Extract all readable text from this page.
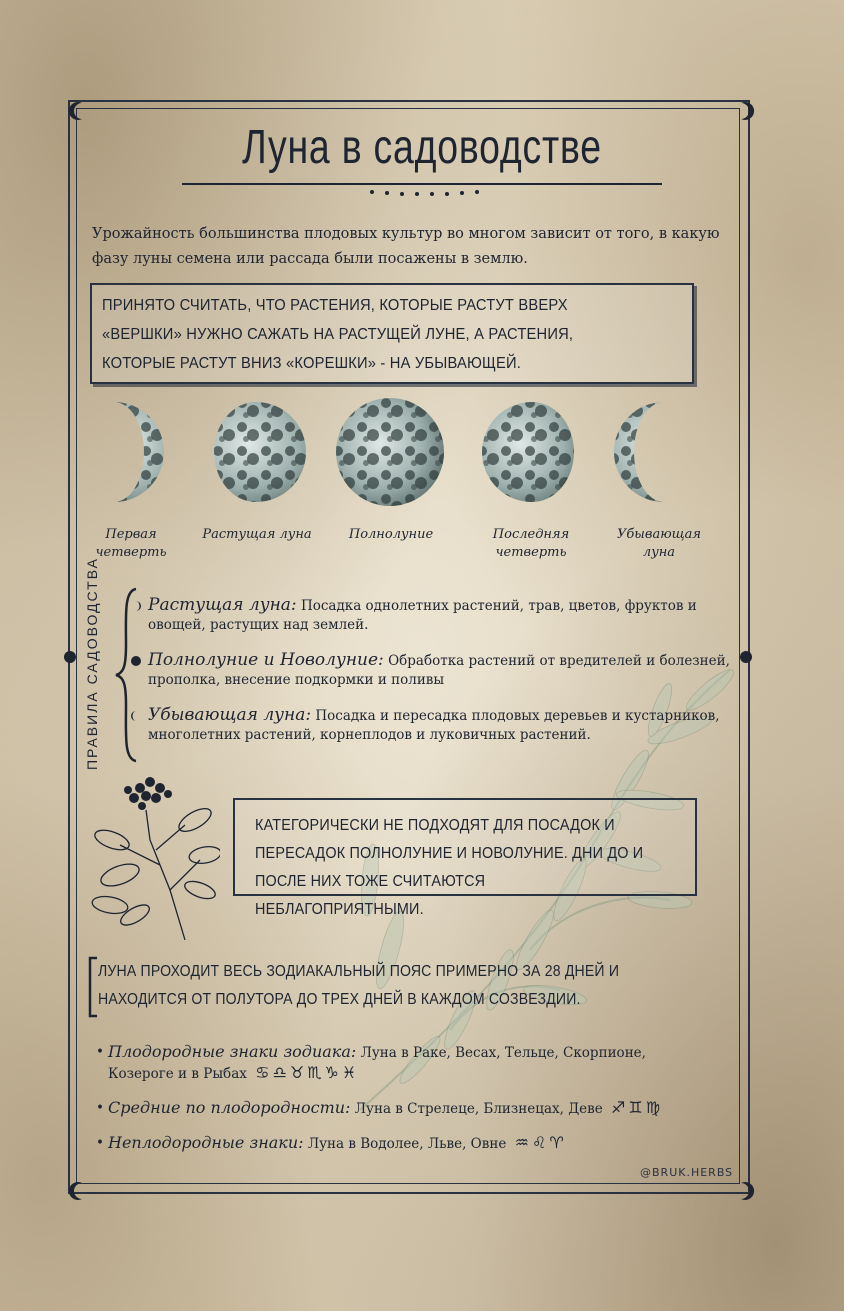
Луна в садоводстве
Урожайность большинства плодовых культур во многом зависит от того, в какую фазу луны семена или рассада были посажены в землю.
ПРИНЯТО СЧИТАТЬ, ЧТО РАСТЕНИЯ, КОТОРЫЕ РАСТУТ ВВЕРХ «ВЕРШКИ» НУЖНО САЖАТЬ НА РАСТУЩЕЙ ЛУНЕ, А РАСТЕНИЯ, КОТОРЫЕ РАСТУТ ВНИЗ «КОРЕШКИ» - НА УБЫВАЮЩЕЙ.
Первая четверть
Растущая луна	Полнолуние	Последняя четверть
Убывающая луна
ПРАВИЛА САДОВОДСТВА	Растущая луна: Посадка однолетних растений, трав, цветов, фруктов и овощей, растущих над землей.
Полнолуние и Новолуние: Обработка растений от вредителей и болезней, прополка, внесение подкормки и поливы
Убывающая луна: Посадка и пересадка плодовых деревьев и кустарников, многолетних растений, корнеплодов и луковичных растений.
КАТЕГОРИЧЕСКИ НЕ ПОДХОДЯТ ДЛЯ ПОСАДОК И ПЕРЕСАДОК ПОЛНОЛУНИЕ И НОВОЛУНИЕ. ДНИ ДО И ПОСЛЕ НИХ ТОЖЕ СЧИТАЮТСЯ НЕБЛАГОПРИЯТНЫМИ.
ЛУНА ПРОХОДИТ ВЕСЬ ЗОДИАКАЛЬНЫЙ ПОЯС ПРИМЕРНО ЗА 28 ДНЕЙ И НАХОДИТСЯ ОТ ПОЛУТОРА ДО ТРЕХ ДНЕЙ В КАЖДОМ СОЗВЕЗДИИ.
• Плодородные знаки зодиака: Луна в Раке, Весах, Тельце, Скорпионе, Козероге и в Рыбах ♋♎♉♏♑♓
• Средние по плодородности: Луна в Стрелеце, Близнецах, Деве ♐♊♍
• Неплодородные знаки: Луна в Водолее, Льве, Овне ♒♌♈
@BRUK.HERBS
